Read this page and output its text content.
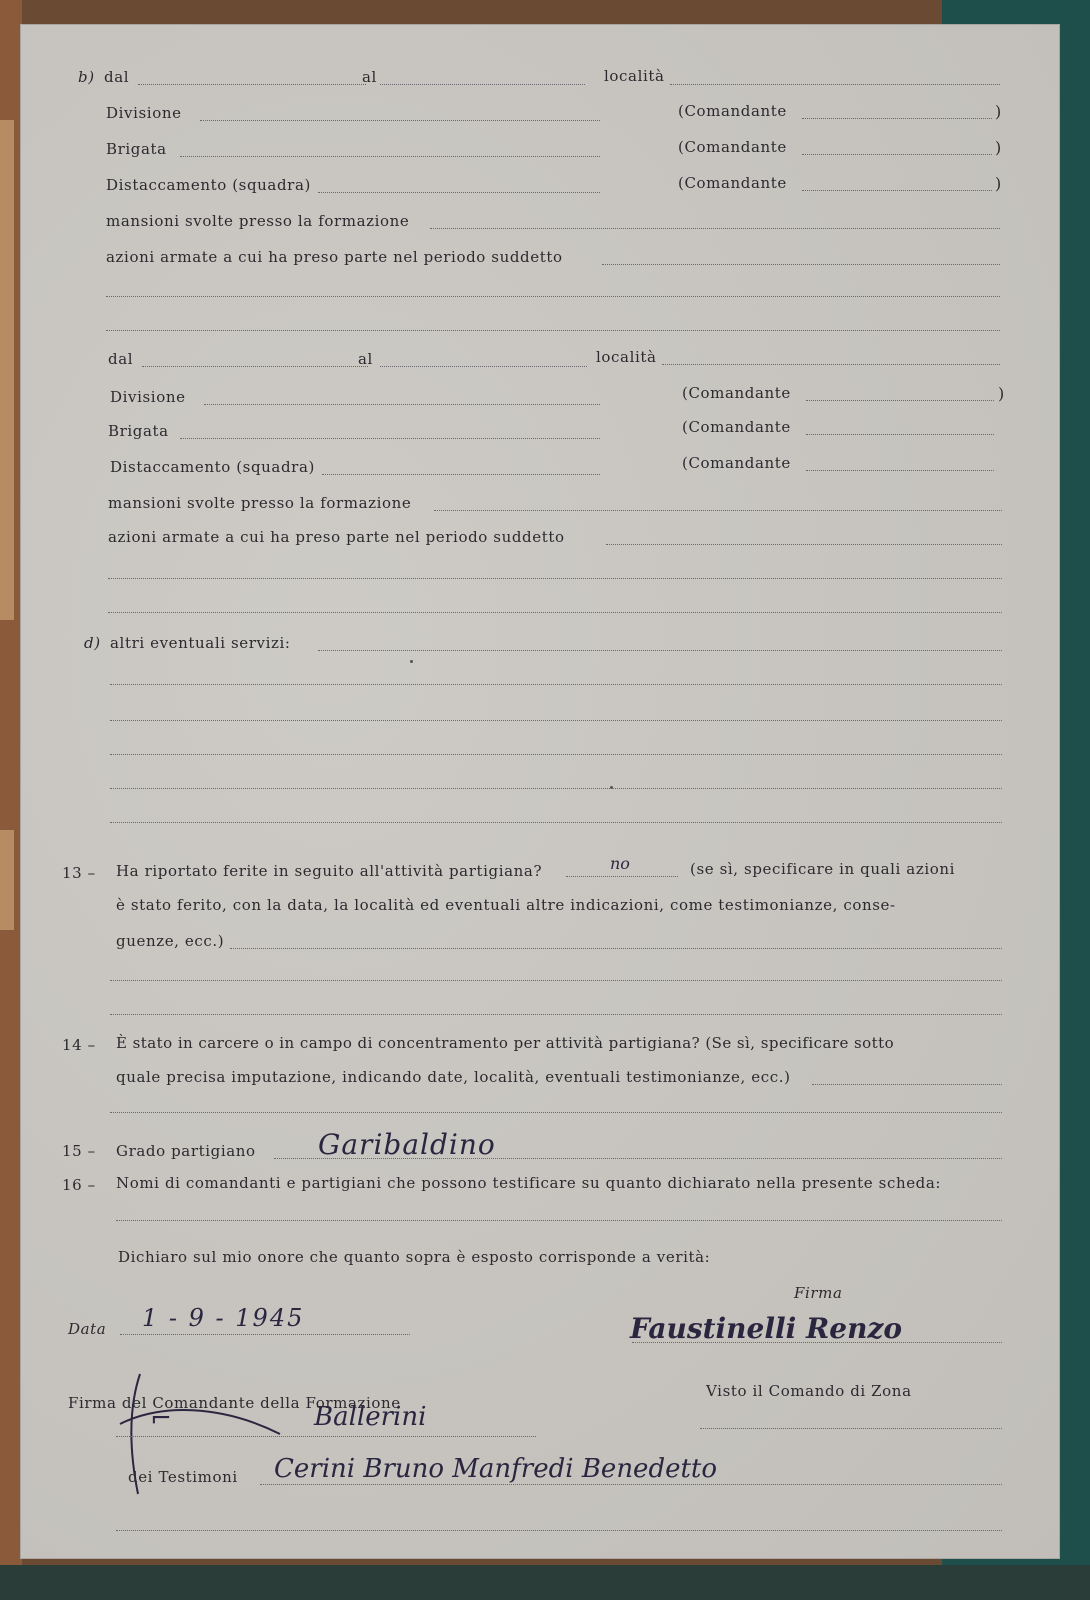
b) dal	al	località
Divisione	(Comandante	)
Brigata	(Comandante	)
Distaccamento (squadra)	(Comandante	)
mansioni svolte presso la formazione
azioni armate a cui ha preso parte nel periodo suddetto
dal	al	località
Divisione	(Comandante	)
Brigata	(Comandante
Distaccamento (squadra)	(Comandante
mansioni svolte presso la formazione
azioni armate a cui ha preso parte nel periodo suddetto
d) altri eventuali servizi:
13 – Ha riportato ferite in seguito all'attività partigiana?	no	(se sì, specificare in quali azioni
è stato ferito, con la data, la località ed eventuali altre indicazioni, come testimonianze, conse-
guenze, ecc.)
14 – È stato in carcere o in campo di concentramento per attività partigiana? (Se sì, specificare sotto
quale precisa imputazione, indicando date, località, eventuali testimonianze, ecc.)
15 – Grado partigiano Garibaldino
16 – Nomi di comandanti e partigiani che possono testificare su quanto dichiarato nella presente scheda:
Dichiaro sul mio onore che quanto sopra è esposto corrisponde a verità:
Firma
Data 1 - 9 - 1945	Faustinelli Renzo
Firma del Comandante della Formazione
Visto il Comando di Zona
⌐	Ballerini
dei Testimoni Cerini Bruno Manfredi Benedetto
